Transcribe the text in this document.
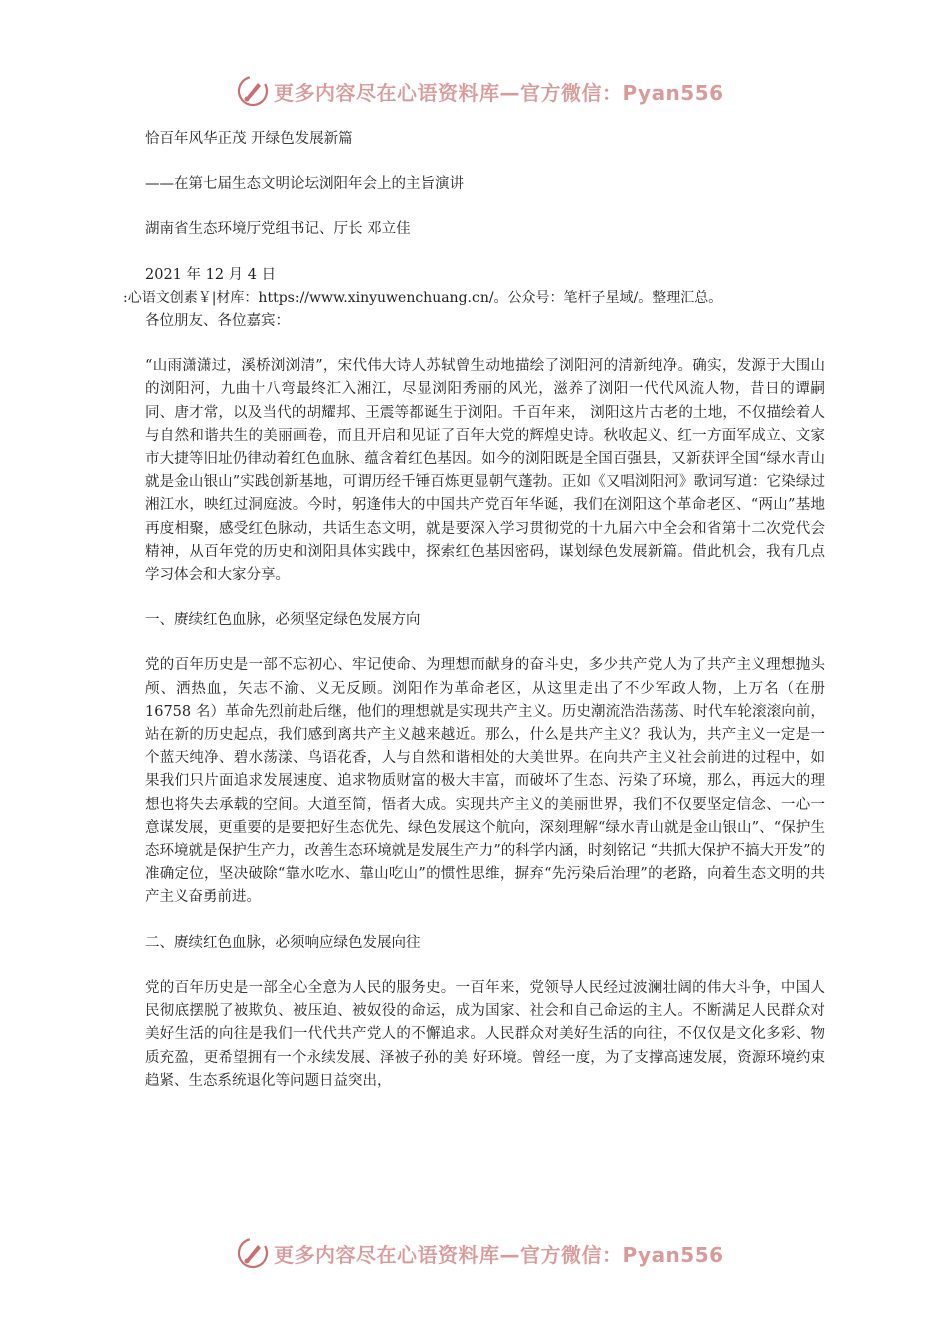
更多内容尽在心语资料库—官方微信：Pyan556

恰百年风华正茂 开绿色发展新篇

——在第七届生态文明论坛浏阳年会上的主旨演讲

湖南省生态环境厅党组书记、厅长 邓立佳

2021 年 12 月 4 日

:心语文创素￥|材库：https://www.xinyuwenchuang.cn/。公众号：笔杆子星域/。整理汇总。

各位朋友、各位嘉宾：

“山雨潇潇过，溪桥浏浏清”，宋代伟大诗人苏轼曾生动地描绘了浏阳河的清新纯净。确实，发源于大围山的浏阳河，九曲十八弯最终汇入湘江，尽显浏阳秀丽的风光，滋养了浏阳一代代风流人物，昔日的谭嗣同、唐才常，以及当代的胡耀邦、王震等都诞生于浏阳。千百年来， 浏阳这片古老的土地，不仅描绘着人与自然和谐共生的美丽画卷，而且开启和见证了百年大党的辉煌史诗。秋收起义、红一方面军成立、文家市大捷等旧址仍律动着红色血脉、蕴含着红色基因。如今的浏阳既是全国百强县，又新获评全国“绿水青山就是金山银山”实践创新基地，可谓历经千锤百炼更显朝气蓬勃。正如《又唱浏阳河》歌词写道：它染绿过湘江水，映红过洞庭波。今时，躬逢伟大的中国共产党百年华诞，我们在浏阳这个革命老区、“两山”基地再度相聚，感受红色脉动，共话生态文明，就是要深入学习贯彻党的十九届六中全会和省第十二次党代会精神，从百年党的历史和浏阳具体实践中，探索红色基因密码，谋划绿色发展新篇。借此机会，我有几点学习体会和大家分享。

一、赓续红色血脉，必须坚定绿色发展方向

党的百年历史是一部不忘初心、牢记使命、为理想而献身的奋斗史，多少共产党人为了共产主义理想抛头颅、洒热血，矢志不渝、义无反顾。浏阳作为革命老区，从这里走出了不少军政人物，上万名（在册 16758 名）革命先烈前赴后继，他们的理想就是实现共产主义。历史潮流浩浩荡荡、时代车轮滚滚向前，站在新的历史起点，我们感到离共产主义越来越近。那么，什么是共产主义？我认为，共产主义一定是一个蓝天纯净、碧水荡漾、鸟语花香，人与自然和谐相处的大美世界。在向共产主义社会前进的过程中，如果我们只片面追求发展速度、追求物质财富的极大丰富，而破坏了生态、污染了环境，那么，再远大的理想也将失去承载的空间。大道至简，悟者大成。实现共产主义的美丽世界，我们不仅要坚定信念、一心一意谋发展，更重要的是要把好生态优先、绿色发展这个航向，深刻理解“绿水青山就是金山银山”、“保护生态环境就是保护生产力，改善生态环境就是发展生产力”的科学内涵，时刻铭记 “共抓大保护不搞大开发”的准确定位，坚决破除“靠水吃水、靠山吃山”的惯性思维，摒弃“先污染后治理”的老路，向着生态文明的共产主义奋勇前进。

二、赓续红色血脉，必须响应绿色发展向往

党的百年历史是一部全心全意为人民的服务史。一百年来，党领导人民经过波澜壮阔的伟大斗争，中国人民彻底摆脱了被欺负、被压迫、被奴役的命运，成为国家、社会和自己命运的主人。不断满足人民群众对美好生活的向往是我们一代代共产党人的不懈追求。人民群众对美好生活的向往，不仅仅是文化多彩、物质充盈，更希望拥有一个永续发展、泽被子孙的美 好环境。曾经一度，为了支撑高速发展，资源环境约束趋紧、生态系统退化等问题日益突出，

更多内容尽在心语资料库—官方微信：Pyan556
